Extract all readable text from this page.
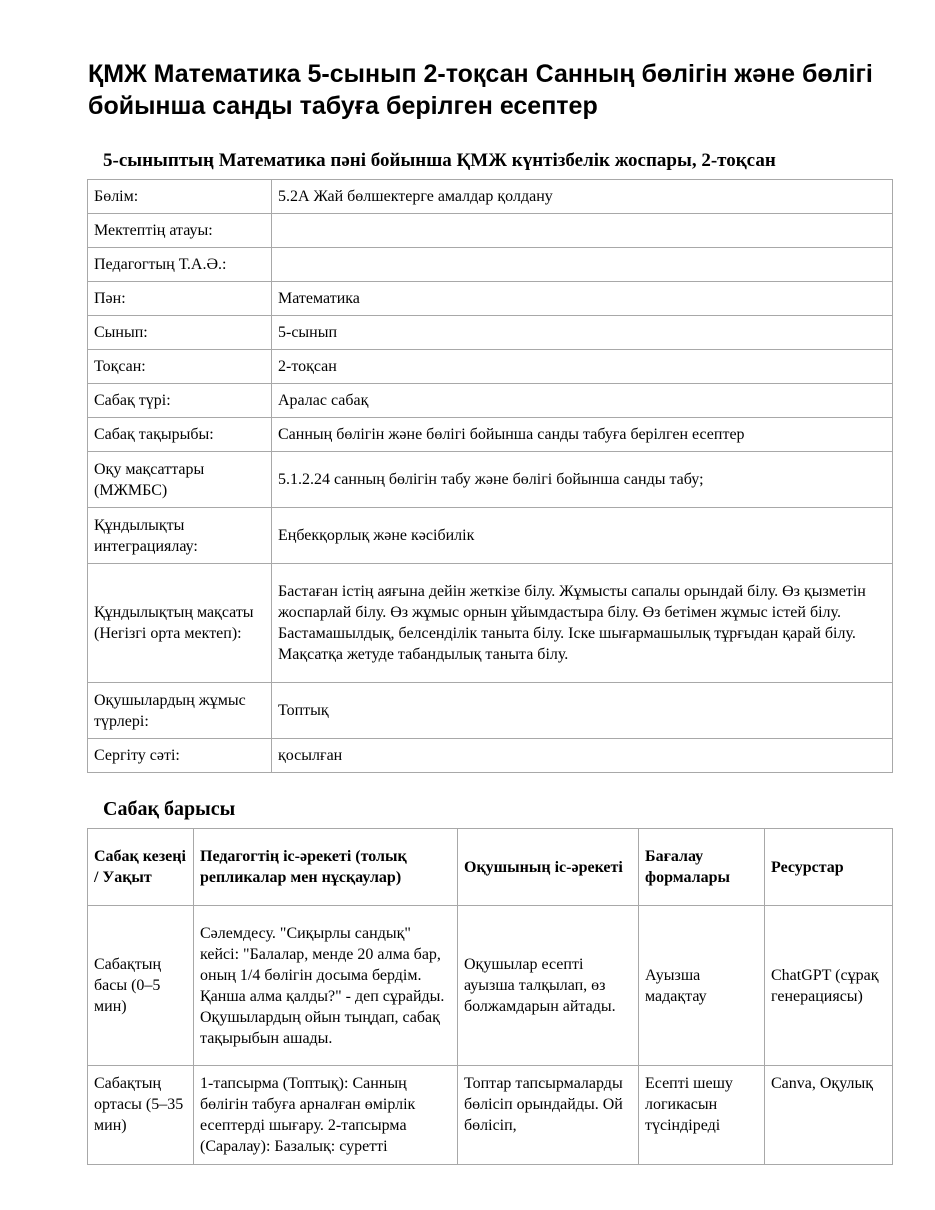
ҚМЖ Математика 5-сынып 2-тоқсан Санның бөлігін және бөлігі бойынша санды табуға берілген есептер
5-сыныптың Математика пәні бойынша ҚМЖ күнтізбелік жоспары, 2-тоқсан
Бөлім:	5.2А Жай бөлшектерге амалдар қолдану
Мектептің атауы:	
Педагогтың Т.А.Ә.:	
Пән:	Математика
Сынып:	5-сынып
Тоқсан:	2-тоқсан
Сабақ түрі:	Аралас сабақ
Сабақ тақырыбы:	Санның бөлігін және бөлігі бойынша санды табуға берілген есептер
Оқу мақсаттары (МЖМБС)	5.1.2.24 санның бөлігін табу және бөлігі бойынша санды табу;
Құндылықты интеграциялау:	Еңбекқорлық және кәсібилік
Құндылықтың мақсаты (Негізгі орта мектеп):	Бастаған істің аяғына дейін жеткізе білу. Жұмысты сапалы орындай білу. Өз қызметін жоспарлай білу. Өз жұмыс орнын ұйымдастыра білу. Өз бетімен жұмыс істей білу. Бастамашылдық, белсенділік таныта білу. Іске шығармашылық тұрғыдан қарай білу. Мақсатқа жетуде табандылық таныта білу.
Оқушылардың жұмыс түрлері:	Топтық
Сергіту сәті:	қосылған
Сабақ барысы
Сабақ кезеңі / Уақыт	Педагогтің іс-әрекеті (толық репликалар мен нұсқаулар)	Оқушының іс-әрекеті	Бағалау формалары	Ресурстар
Сабақтың басы (0–5 мин)	Сәлемдесу. "Сиқырлы сандық" кейсі: "Балалар, менде 20 алма бар, оның 1/4 бөлігін досыма бердім. Қанша алма қалды?" - деп сұрайды. Оқушылардың ойын тыңдап, сабақ тақырыбын ашады.	Оқушылар есепті ауызша талқылап, өз болжамдарын айтады.	Ауызша мадақтау	ChatGPT (сұрақ генерациясы)
Сабақтың ортасы (5–35 мин)	1-тапсырма (Топтық): Санның бөлігін табуға арналған өмірлік есептерді шығару. 2-тапсырма (Саралау): Базалық: суретті	Топтар тапсырмаларды бөлісіп орындайды. Ой бөлісіп,	Есепті шешу логикасын түсіндіреді	Canva, Оқулық
